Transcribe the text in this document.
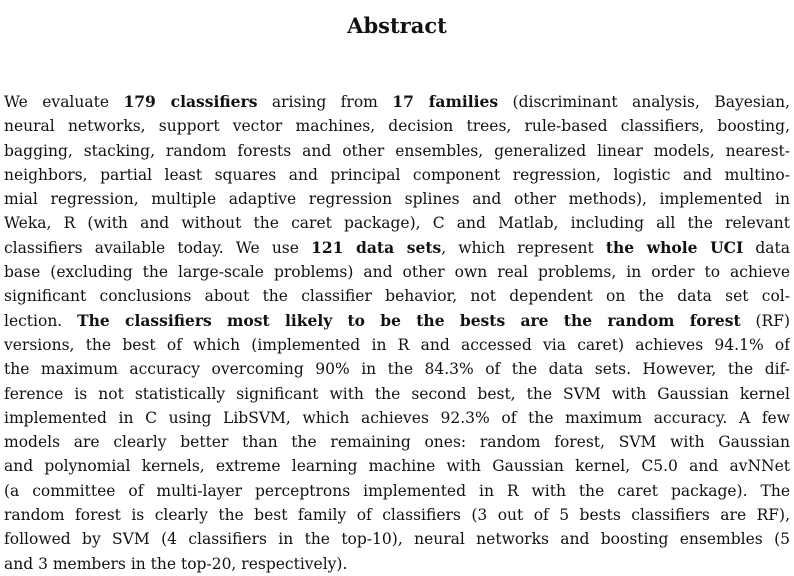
Abstract
We evaluate 179 classifiers arising from 17 families (discriminant analysis, Bayesian,
neural networks, support vector machines, decision trees, rule-based classifiers, boosting,
bagging, stacking, random forests and other ensembles, generalized linear models, nearest-
neighbors, partial least squares and principal component regression, logistic and multino-
mial regression, multiple adaptive regression splines and other methods), implemented in
Weka, R (with and without the caret package), C and Matlab, including all the relevant
classifiers available today. We use 121 data sets, which represent the whole UCI data
base (excluding the large-scale problems) and other own real problems, in order to achieve
significant conclusions about the classifier behavior, not dependent on the data set col-
lection. The classifiers most likely to be the bests are the random forest (RF)
versions, the best of which (implemented in R and accessed via caret) achieves 94.1% of
the maximum accuracy overcoming 90% in the 84.3% of the data sets. However, the dif-
ference is not statistically significant with the second best, the SVM with Gaussian kernel
implemented in C using LibSVM, which achieves 92.3% of the maximum accuracy. A few
models are clearly better than the remaining ones: random forest, SVM with Gaussian
and polynomial kernels, extreme learning machine with Gaussian kernel, C5.0 and avNNet
(a committee of multi-layer perceptrons implemented in R with the caret package). The
random forest is clearly the best family of classifiers (3 out of 5 bests classifiers are RF),
followed by SVM (4 classifiers in the top-10), neural networks and boosting ensembles (5
and 3 members in the top-20, respectively).
